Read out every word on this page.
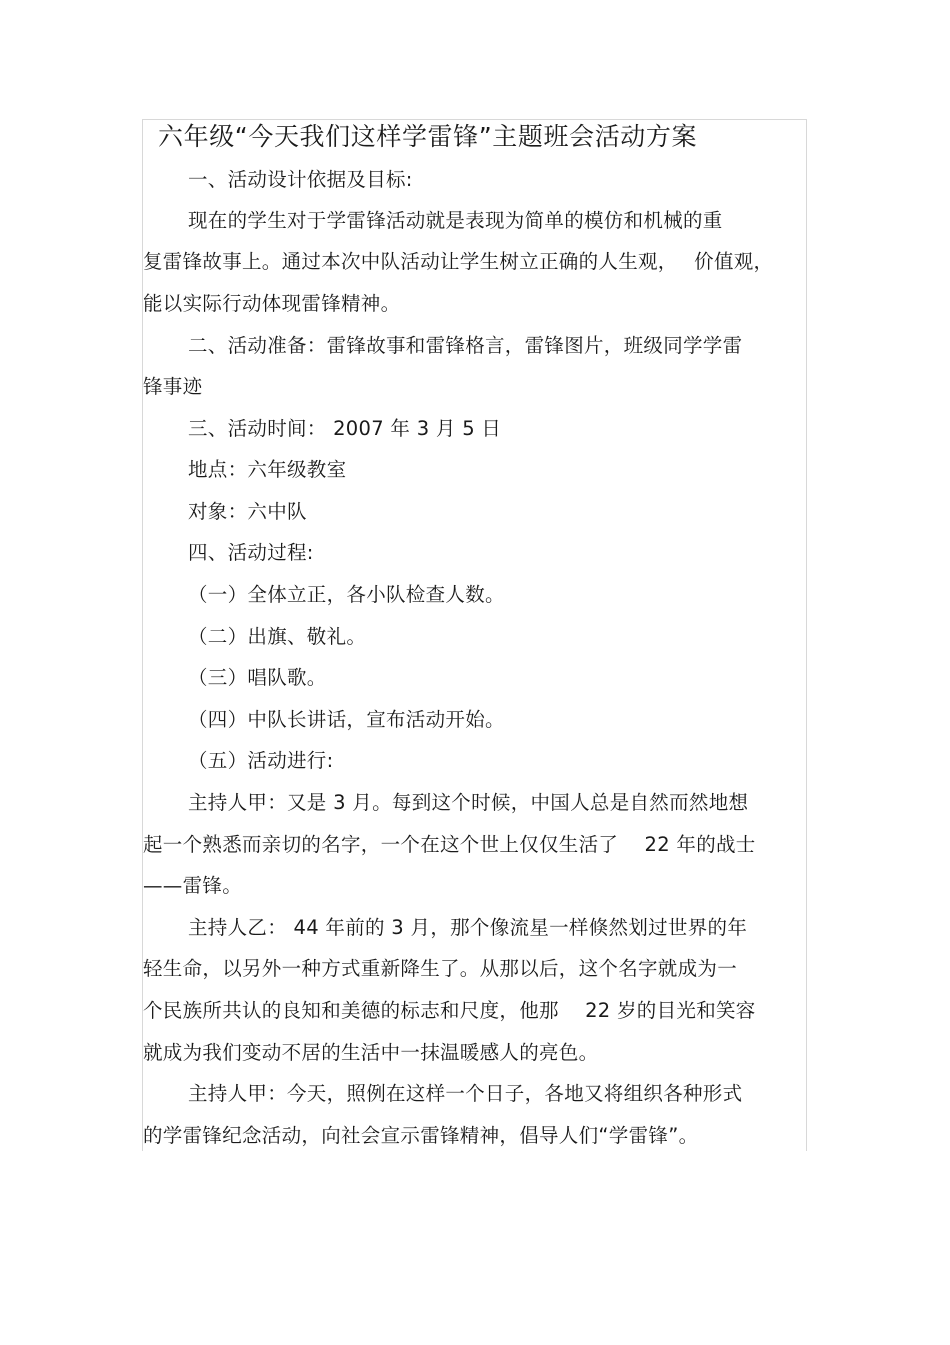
六年级“今天我们这样学雷锋”主题班会活动方案
一、活动设计依据及目标:
现在的学生对于学雷锋活动就是表现为简单的模仿和机械的重
复雷锋故事上。通过本次中队活动让学生树立正确的人生观，　 价值观，
能以实际行动体现雷锋精神。
二、活动准备：雷锋故事和雷锋格言，雷锋图片，班级同学学雷
锋事迹
三、活动时间： 2007 年 3 月 5 日
地点：六年级教室
对象：六中队
四、活动过程:
（一）全体立正，各小队检查人数。
（二）出旗、敬礼。
（三）唱队歌。
（四）中队长讲话，宣布活动开始。
（五）活动进行:
主持人甲：又是 3 月。每到这个时候，中国人总是自然而然地想
起一个熟悉而亲切的名字，一个在这个世上仅仅生活了　 22 年的战士
——雷锋。
主持人乙： 44 年前的 3 月，那个像流星一样倏然划过世界的年
轻生命，以另外一种方式重新降生了。从那以后，这个名字就成为一
个民族所共认的良知和美德的标志和尺度，他那　 22 岁的目光和笑容
就成为我们变动不居的生活中一抹温暖感人的亮色。
主持人甲：今天，照例在这样一个日子，各地又将组织各种形式
的学雷锋纪念活动，向社会宣示雷锋精神，倡导人们“学雷锋”。
